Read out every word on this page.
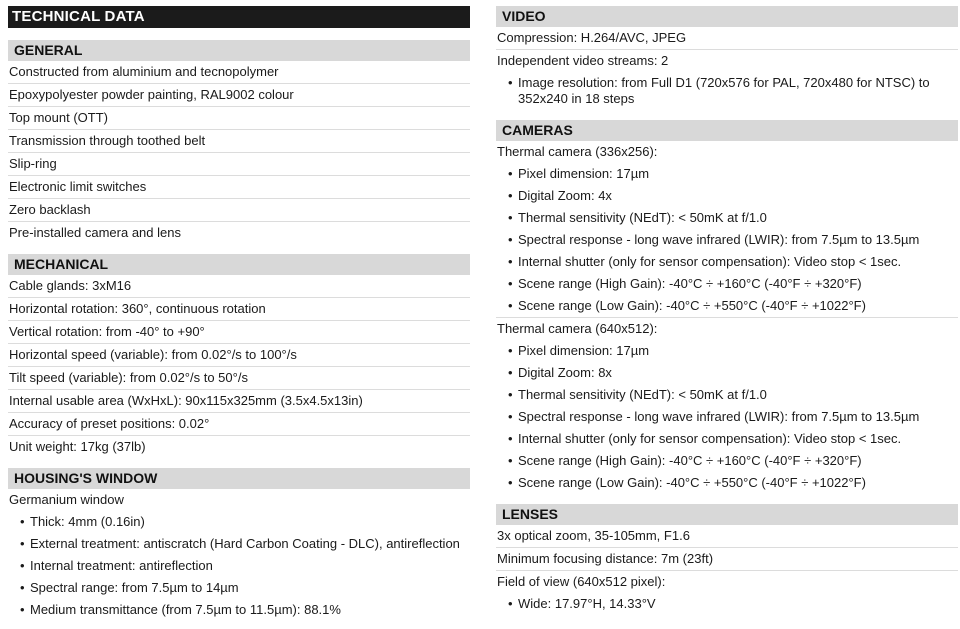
TECHNICAL DATA
GENERAL
Constructed from aluminium and tecnopolymer
Epoxypolyester powder painting, RAL9002 colour
Top mount (OTT)
Transmission through toothed belt
Slip-ring
Electronic limit switches
Zero backlash
Pre-installed camera and lens
MECHANICAL
Cable glands: 3xM16
Horizontal rotation: 360°, continuous rotation
Vertical rotation: from -40° to +90°
Horizontal speed (variable): from 0.02°/s to 100°/s
Tilt speed (variable): from 0.02°/s to 50°/s
Internal usable area (WxHxL): 90x115x325mm (3.5x4.5x13in)
Accuracy of preset positions: 0.02°
Unit weight: 17kg (37lb)
HOUSING'S WINDOW
Germanium window
• Thick: 4mm (0.16in)
• External treatment: antiscratch (Hard Carbon Coating - DLC), antireflection
• Internal treatment: antireflection
• Spectral range: from 7.5µm to 14µm
• Medium transmittance (from 7.5µm to 11.5µm): 88.1%
VIDEO
Compression: H.264/AVC, JPEG
Independent video streams: 2
• Image resolution: from Full D1 (720x576 for PAL, 720x480 for NTSC) to 352x240 in 18 steps
CAMERAS
Thermal camera (336x256):
• Pixel dimension: 17µm
• Digital Zoom: 4x
• Thermal sensitivity (NEdT): < 50mK at f/1.0
• Spectral response - long wave infrared (LWIR): from 7.5µm to 13.5µm
• Internal shutter (only for sensor compensation): Video stop < 1sec.
• Scene range (High Gain): -40°C ÷ +160°C (-40°F ÷ +320°F)
• Scene range (Low Gain): -40°C ÷ +550°C (-40°F ÷ +1022°F)
Thermal camera (640x512):
• Pixel dimension: 17µm
• Digital Zoom: 8x
• Thermal sensitivity (NEdT): < 50mK at f/1.0
• Spectral response - long wave infrared (LWIR): from 7.5µm to 13.5µm
• Internal shutter (only for sensor compensation): Video stop < 1sec.
• Scene range (High Gain): -40°C ÷ +160°C (-40°F ÷ +320°F)
• Scene range (Low Gain): -40°C ÷ +550°C (-40°F ÷ +1022°F)
LENSES
3x optical zoom, 35-105mm, F1.6
Minimum focusing distance: 7m (23ft)
Field of view (640x512 pixel):
• Wide: 17.97°H, 14.33°V
